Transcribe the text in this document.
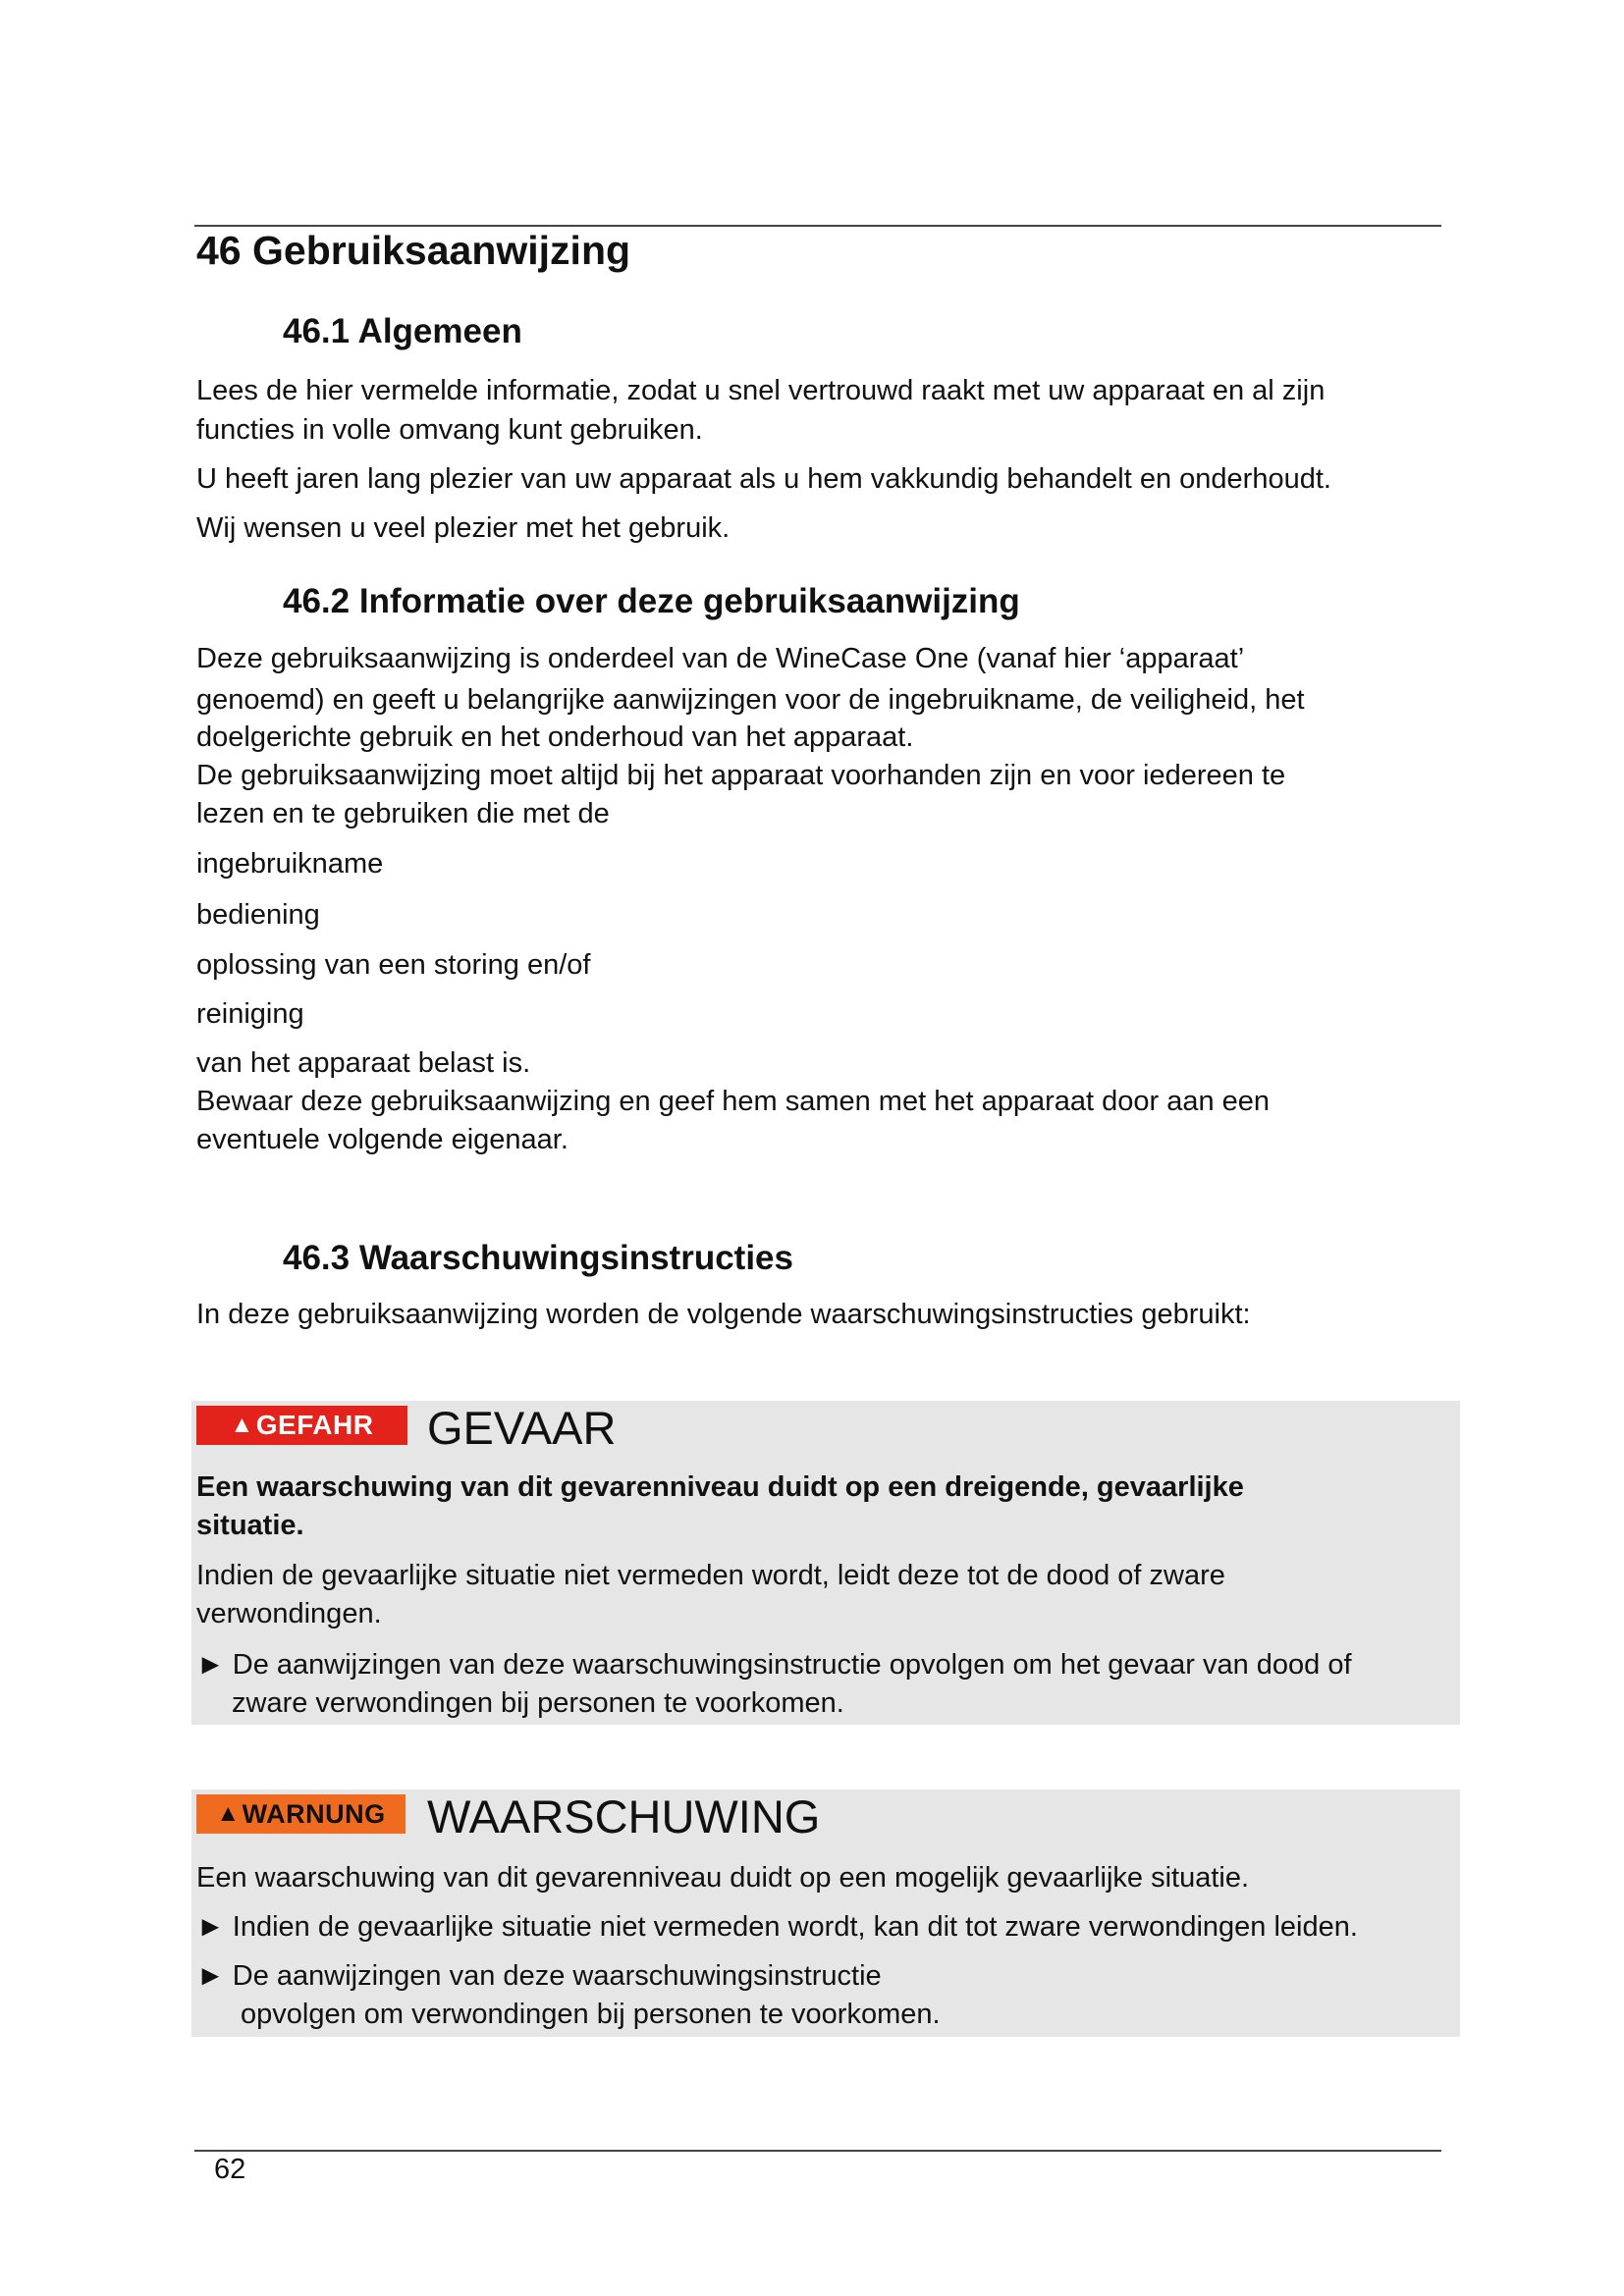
46 Gebruiksaanwijzing
46.1 Algemeen

Lees de hier vermelde informatie, zodat u snel vertrouwd raakt met uw apparaat en al zijn

functies in volle omvang kunt gebruiken.

U heeft jaren lang plezier van uw apparaat als u hem vakkundig behandelt en onderhoudt.

Wij wensen u veel plezier met het gebruik.

46.2 Informatie over deze gebruiksaanwijzing

Deze gebruiksaanwijzing is onderdeel van de WineCase One (vanaf hier ‘apparaat’

genoemd) en geeft u belangrijke aanwijzingen voor de ingebruikname, de veiligheid, het

doelgerichte gebruik en het onderhoud van het apparaat.

De gebruiksaanwijzing moet altijd bij het apparaat voorhanden zijn en voor iedereen te

lezen en te gebruiken die met de

ingebruikname

bediening

oplossing van een storing en/of

reiniging

van het apparaat belast is.

Bewaar deze gebruiksaanwijzing en geef hem samen met het apparaat door aan een

eventuele volgende eigenaar.

46.3 Waarschuwingsinstructies

In deze gebruiksaanwijzing worden de volgende waarschuwingsinstructies gebruikt:

▲ GEFAHR GEVAAR

Een waarschuwing van dit gevarenniveau duidt op een dreigende, gevaarlijke

situatie.

Indien de gevaarlijke situatie niet vermeden wordt, leidt deze tot de dood of zware

verwondingen.

► De aanwijzingen van deze waarschuwingsinstructie opvolgen om het gevaar van dood of

zware verwondingen bij personen te voorkomen.

▲ WARNUNG WAARSCHUWING

Een waarschuwing van dit gevarenniveau duidt op een mogelijk gevaarlijke situatie.

► Indien de gevaarlijke situatie niet vermeden wordt, kan dit tot zware verwondingen leiden.

► De aanwijzingen van deze waarschuwingsinstructie

opvolgen om verwondingen bij personen te voorkomen.

62
